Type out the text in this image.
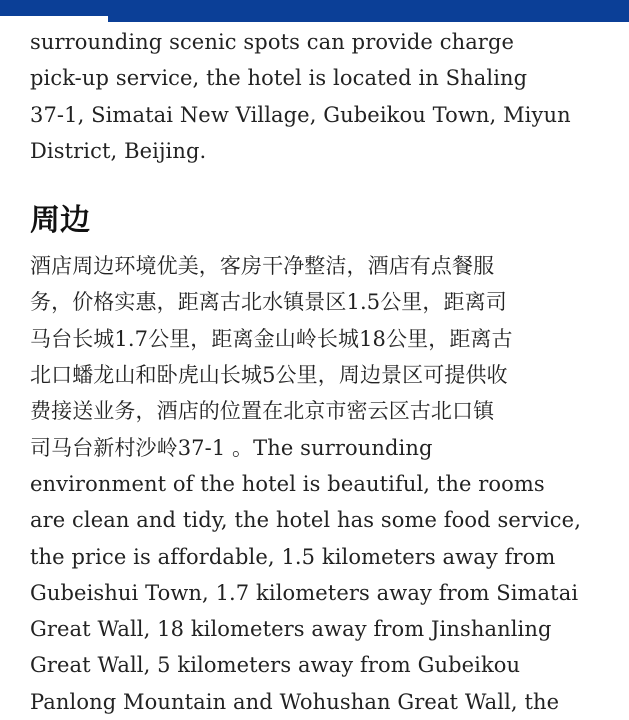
surrounding scenic spots can provide charge
pick-up service, the hotel is located in Shaling
37-1, Simatai New Village, Gubeikou Town, Miyun
District, Beijing.

周边

酒店周边环境优美，客房干净整洁，酒店有点餐服
务，价格实惠，距离古北水镇景区1.5公里，距离司
马台长城1.7公里，距离金山岭长城18公里，距离古
北口蟠龙山和卧虎山长城5公里，周边景区可提供收
费接送业务，酒店的位置在北京市密云区古北口镇
司马台新村沙岭37-1 。The surrounding
environment of the hotel is beautiful, the rooms
are clean and tidy, the hotel has some food service,
the price is affordable, 1.5 kilometers away from
Gubeishui Town, 1.7 kilometers away from Simatai
Great Wall, 18 kilometers away from Jinshanling
Great Wall, 5 kilometers away from Gubeikou
Panlong Mountain and Wohushan Great Wall, the
